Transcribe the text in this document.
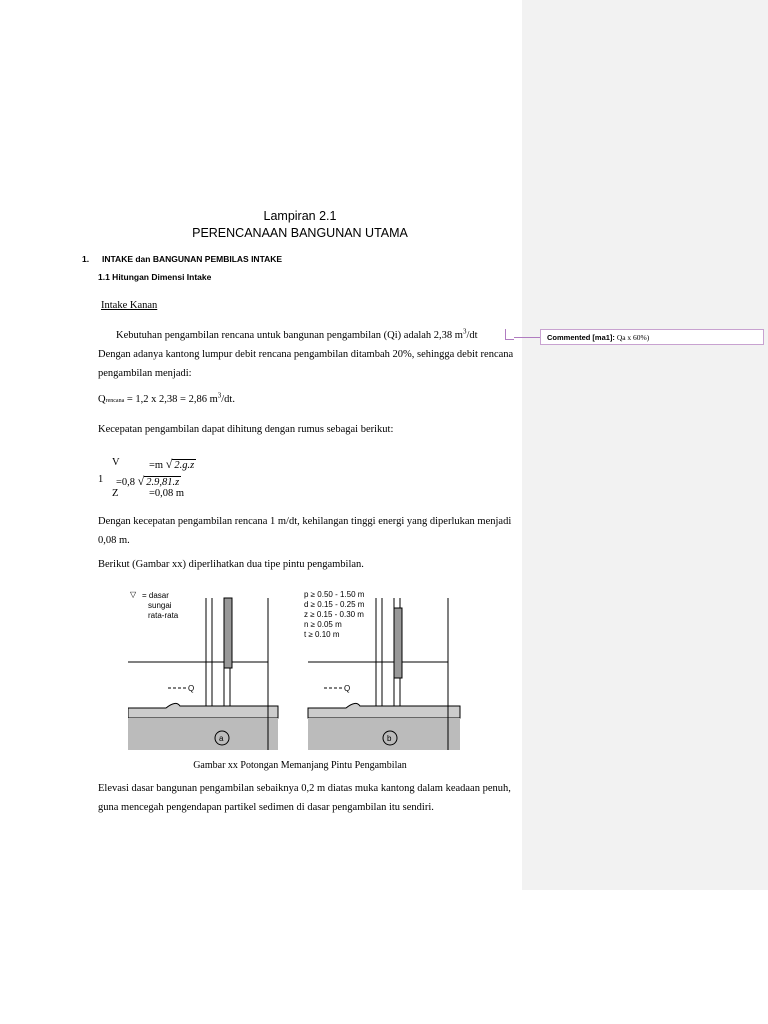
Lampiran 2.1
PERENCANAAN BANGUNAN UTAMA
1. INTAKE dan BANGUNAN PEMBILAS INTAKE
1.1 Hitungan Dimensi Intake
Intake Kanan
Kebutuhan pengambilan rencana untuk bangunan pengambilan (Qi) adalah 2,38 $m^3/dt$
Dengan adanya kantong lumpur debit rencana pengambilan ditambah 20%, sehingga debit rencana
pengambilan menjadi:
Qrencana = 1,2 x 2,38 = 2,86 $m^3/dt$.
Kecepatan pengambilan dapat dihitung dengan rumus sebagai berikut:
V	=m √ 2.g.z
1 =0,8 √ 2.9,81.z
Z	=0,08 m
Dengan kecepatan pengambilan rencana 1 m/dt, kehilangan tinggi energi yang diperlukan menjadi
0,08 m.
Berikut (Gambar xx) diperlihatkan dua tipe pintu pengambilan.
▽ = dasar
sungai
rata-rata
p ≥ 0.50 - 1.50 m
d ≥ 0.15 - 0.25 m
z ≥ 0.15 - 0.30 m
n ≥ 0.05 m
t ≥ 0.10 m
a
Q
b
Q
Gambar xx Potongan Memanjang Pintu Pengambilan
Elevasi dasar bangunan pengambilan sebaiknya 0,2 m diatas muka kantong dalam keadaan penuh,
guna mencegah pengendapan partikel sedimen di dasar pengambilan itu sendiri.
Commented [ma1]: Qa x 60%)
